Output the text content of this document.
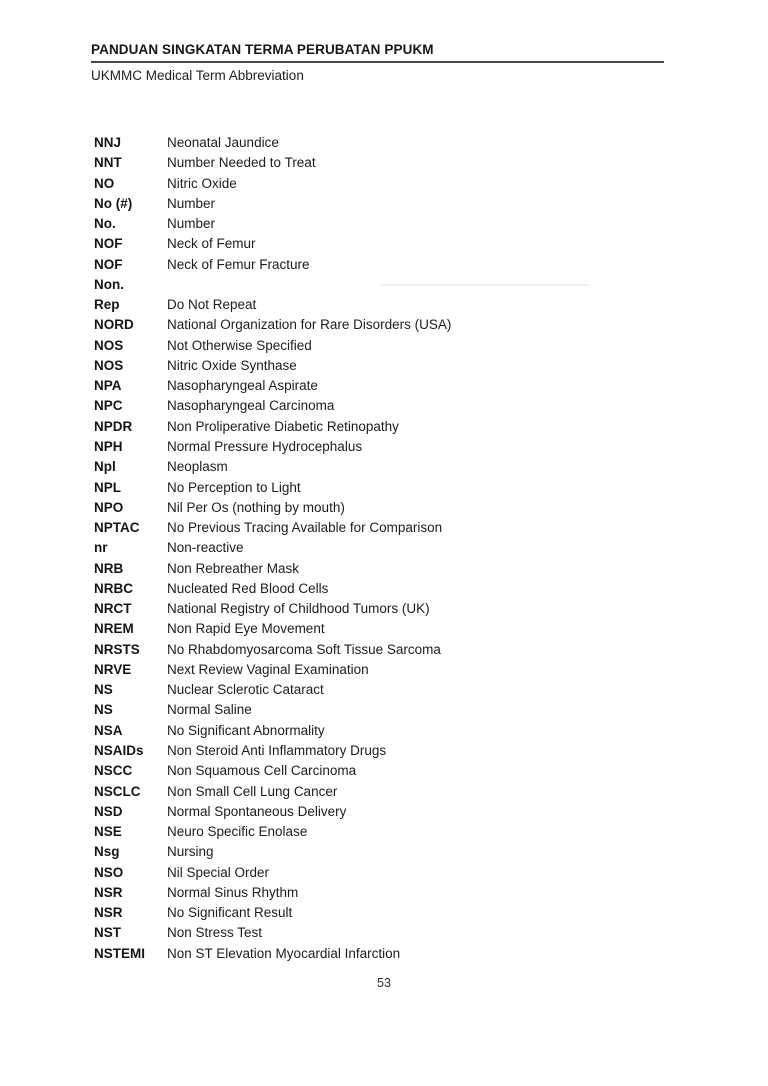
PANDUAN SINGKATAN TERMA PERUBATAN PPUKM
UKMMC Medical Term Abbreviation
NNJ	Neonatal Jaundice
NNT	Number Needed to Treat
NO	Nitric Oxide
No (#)	Number
No.	Number
NOF	Neck of Femur
NOF	Neck of Femur Fracture
Non.
Rep	Do Not Repeat
NORD	National Organization for Rare Disorders (USA)
NOS	Not Otherwise Specified
NOS	Nitric Oxide Synthase
NPA	Nasopharyngeal Aspirate
NPC	Nasopharyngeal Carcinoma
NPDR	Non Proliperative Diabetic Retinopathy
NPH	Normal Pressure Hydrocephalus
Npl	Neoplasm
NPL	No Perception to Light
NPO	Nil Per Os (nothing by mouth)
NPTAC	No Previous Tracing Available for Comparison
nr	Non-reactive
NRB	Non Rebreather Mask
NRBC	Nucleated Red Blood Cells
NRCT	National Registry of Childhood Tumors (UK)
NREM	Non Rapid Eye Movement
NRSTS	No Rhabdomyosarcoma Soft Tissue Sarcoma
NRVE	Next Review Vaginal Examination
NS	Nuclear Sclerotic Cataract
NS	Normal Saline
NSA	No Significant Abnormality
NSAIDs	Non Steroid Anti Inflammatory Drugs
NSCC	Non Squamous Cell Carcinoma
NSCLC	Non Small Cell Lung Cancer
NSD	Normal Spontaneous Delivery
NSE	Neuro Specific Enolase
Nsg	Nursing
NSO	Nil Special Order
NSR	Normal Sinus Rhythm
NSR	No Significant Result
NST	Non Stress Test
NSTEMI	Non ST Elevation Myocardial Infarction
53
